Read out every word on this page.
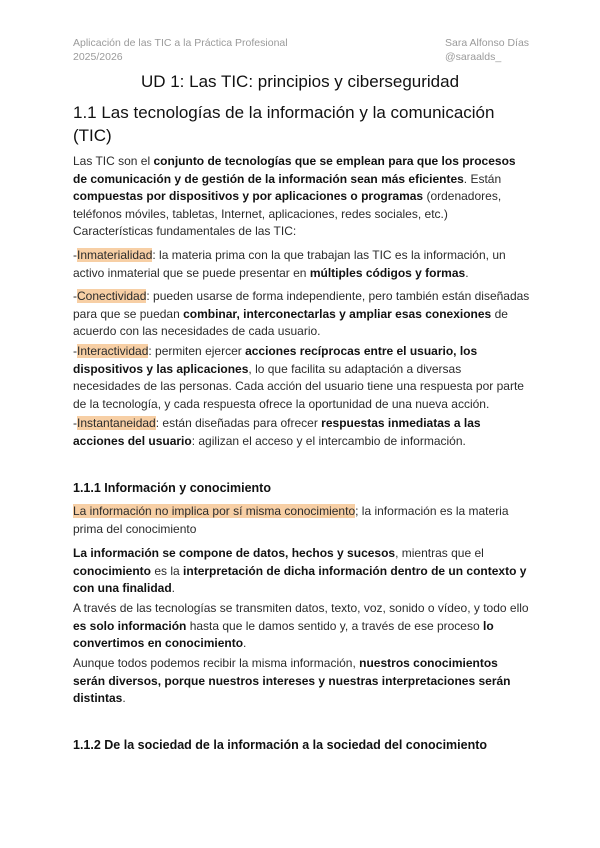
Aplicación de las TIC a la Práctica Profesional
2025/2026
Sara Alfonso Días
@saraalds_
UD 1: Las TIC: principios y ciberseguridad
1.1 Las tecnologías de la información y la comunicación (TIC)
Las TIC son el conjunto de tecnologías que se emplean para que los procesos de comunicación y de gestión de la información sean más eficientes. Están compuestas por dispositivos y por aplicaciones o programas (ordenadores, teléfonos móviles, tabletas, Internet, aplicaciones, redes sociales, etc.)
Características fundamentales de las TIC:
-Inmaterialidad: la materia prima con la que trabajan las TIC es la información, un activo inmaterial que se puede presentar en múltiples códigos y formas.
-Conectividad: pueden usarse de forma independiente, pero también están diseñadas para que se puedan combinar, interconectarlas y ampliar esas conexiones de acuerdo con las necesidades de cada usuario.
-Interactividad: permiten ejercer acciones recíprocas entre el usuario, los dispositivos y las aplicaciones, lo que facilita su adaptación a diversas necesidades de las personas. Cada acción del usuario tiene una respuesta por parte de la tecnología, y cada respuesta ofrece la oportunidad de una nueva acción.
-Instantaneidad: están diseñadas para ofrecer respuestas inmediatas a las acciones del usuario: agilizan el acceso y el intercambio de información.
1.1.1 Información y conocimiento
La información no implica por sí misma conocimiento; la información es la materia prima del conocimiento
La información se compone de datos, hechos y sucesos, mientras que el conocimiento es la interpretación de dicha información dentro de un contexto y con una finalidad.
A través de las tecnologías se transmiten datos, texto, voz, sonido o vídeo, y todo ello es solo información hasta que le damos sentido y, a través de ese proceso lo convertimos en conocimiento.
Aunque todos podemos recibir la misma información, nuestros conocimientos serán diversos, porque nuestros intereses y nuestras interpretaciones serán distintas.
1.1.2 De la sociedad de la información a la sociedad del conocimiento
